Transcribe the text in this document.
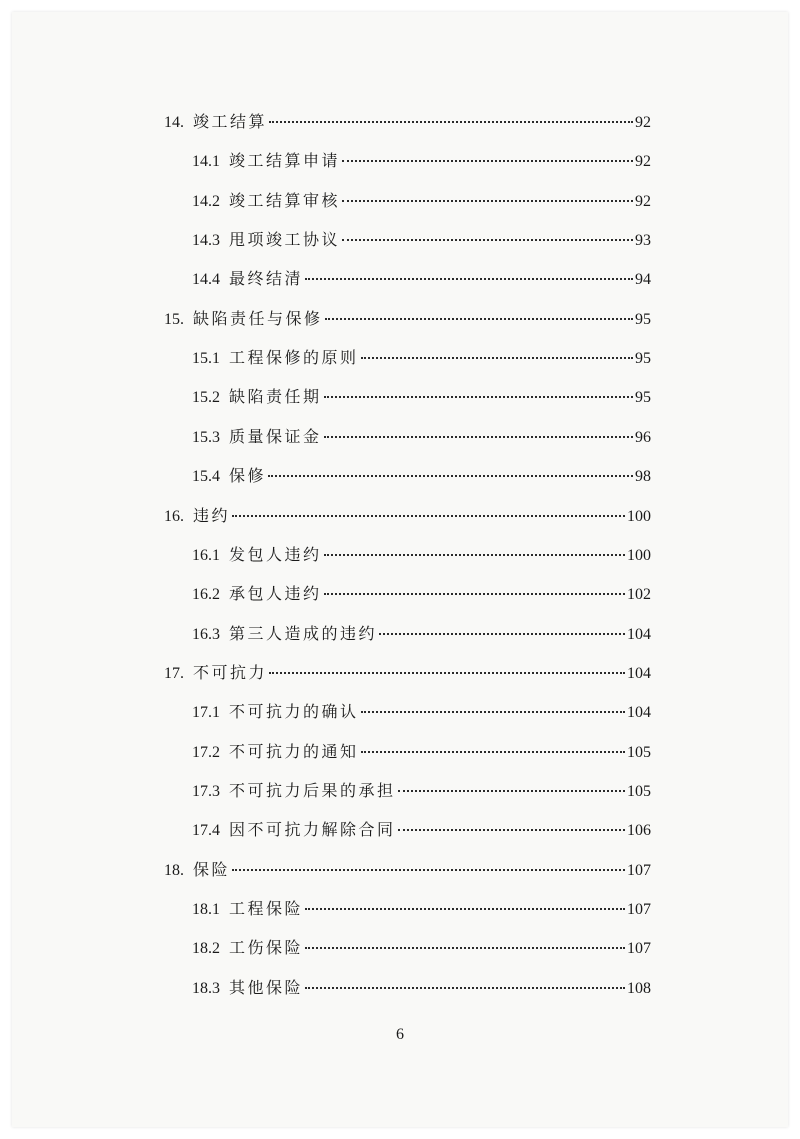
14. 竣工结算	92
14.1 竣工结算申请	92
14.2 竣工结算审核	92
14.3 甩项竣工协议	93
14.4 最终结清	94
15. 缺陷责任与保修	95
15.1 工程保修的原则	95
15.2 缺陷责任期	95
15.3 质量保证金	96
15.4 保修	98
16. 违约	100
16.1 发包人违约	100
16.2 承包人违约	102
16.3 第三人造成的违约	104
17. 不可抗力	104
17.1 不可抗力的确认	104
17.2 不可抗力的通知	105
17.3 不可抗力后果的承担	105
17.4 因不可抗力解除合同	106
18. 保险	107
18.1 工程保险	107
18.2 工伤保险	107
18.3 其他保险	108
6
